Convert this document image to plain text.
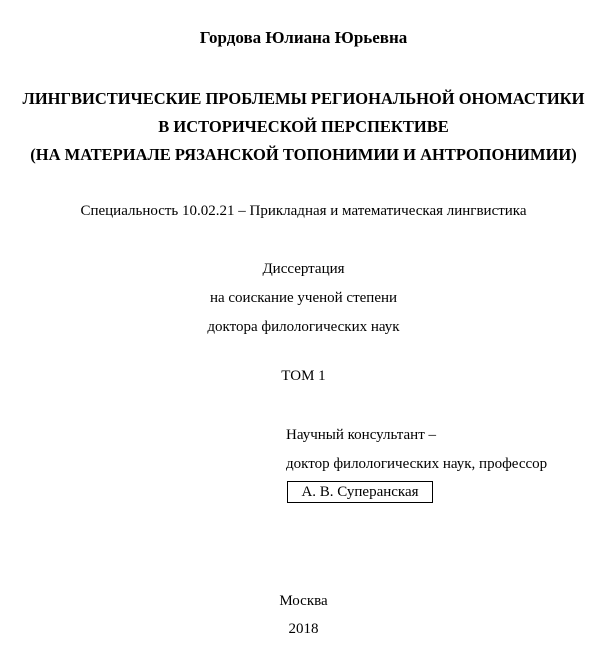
Гордова Юлиана Юрьевна
ЛИНГВИСТИЧЕСКИЕ ПРОБЛЕМЫ РЕГИОНАЛЬНОЙ ОНОМАСТИКИ
В ИСТОРИЧЕСКОЙ ПЕРСПЕКТИВЕ
(НА МАТЕРИАЛЕ РЯЗАНСКОЙ ТОПОНИМИИ И АНТРОПОНИМИИ)
Специальность 10.02.21 – Прикладная и математическая лингвистика
Диссертация
на соискание ученой степени
доктора филологических наук
ТОМ 1
Научный консультант –
доктор филологических наук, профессор
А. В. Суперанская
Москва
2018
